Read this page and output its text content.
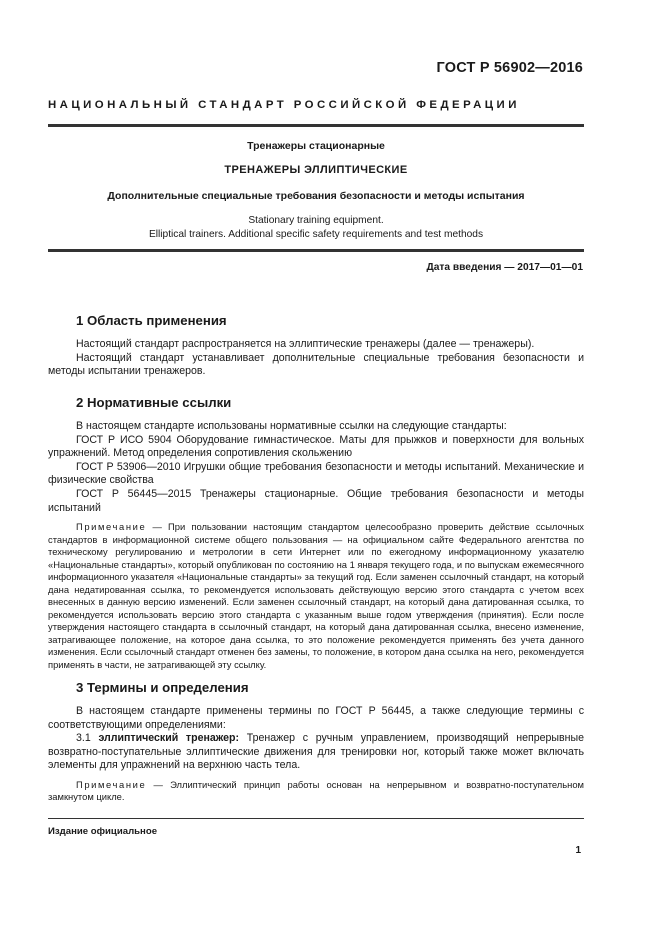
ГОСТ Р 56902—2016
НАЦИОНАЛЬНЫЙ СТАНДАРТ РОССИЙСКОЙ ФЕДЕРАЦИИ
Тренажеры стационарные
ТРЕНАЖЕРЫ ЭЛЛИПТИЧЕСКИЕ
Дополнительные специальные требования безопасности и методы испытания
Stationary training equipment.
Elliptical trainers. Additional specific safety requirements and test methods
Дата введения — 2017—01—01
1 Область применения

Настоящий стандарт распространяется на эллиптические тренажеры (далее — тренажеры).

Настоящий стандарт устанавливает дополнительные специальные требования безопасности и методы испытании тренажеров.

2 Нормативные ссылки

В настоящем стандарте использованы нормативные ссылки на следующие стандарты:

ГОСТ Р ИСО 5904 Оборудование гимнастическое. Маты для прыжков и поверхности для вольных упражнений. Метод определения сопротивления скольжению

ГОСТ Р 53906—2010 Игрушки общие требования безопасности и методы испытаний. Механические и физические свойства

ГОСТ Р 56445—2015 Тренажеры стационарные. Общие требования безопасности и методы испытаний

Примечание — При пользовании настоящим стандартом целесообразно проверить действие ссылочных стандартов в информационной системе общего пользования — на официальном сайте Федерального агентства по техническому регулированию и метрологии в сети Интернет или по ежегодному информационному указателю «Национальные стандарты», который опубликован по состоянию на 1 января текущего года, и по выпускам ежемесячного информационного указателя «Национальные стандарты» за текущий год. Если заменен ссылочный стандарт, на который дана недатированная ссылка, то рекомендуется использовать действующую версию этого стандарта с учетом всех внесенных в данную версию изменений. Если заменен ссылочный стандарт, на который дана датированная ссылка, то рекомендуется использовать версию этого стандарта с указанным выше годом утверждения (принятия). Если после утверждения настоящего стандарта в ссылочный стандарт, на который дана датированная ссылка, внесено изменение, затрагивающее положение, на которое дана ссылка, то это положение рекомендуется применять без учета данного изменения. Если ссылочный стандарт отменен без замены, то положение, в котором дана ссылка на него, рекомендуется применять в части, не затрагивающей эту ссылку.

3 Термины и определения

В настоящем стандарте применены термины по ГОСТ Р 56445, а также следующие термины с соответствующими определениями:

3.1 эллиптический тренажер: Тренажер с ручным управлением, производящий непрерывные возвратно-поступательные эллиптические движения для тренировки ног, который также может включать элементы для упражнений на верхнюю часть тела.

Примечание — Эллиптический принцип работы основан на непрерывном и возвратно-поступательном замкнутом цикле.

Издание официальное
1
